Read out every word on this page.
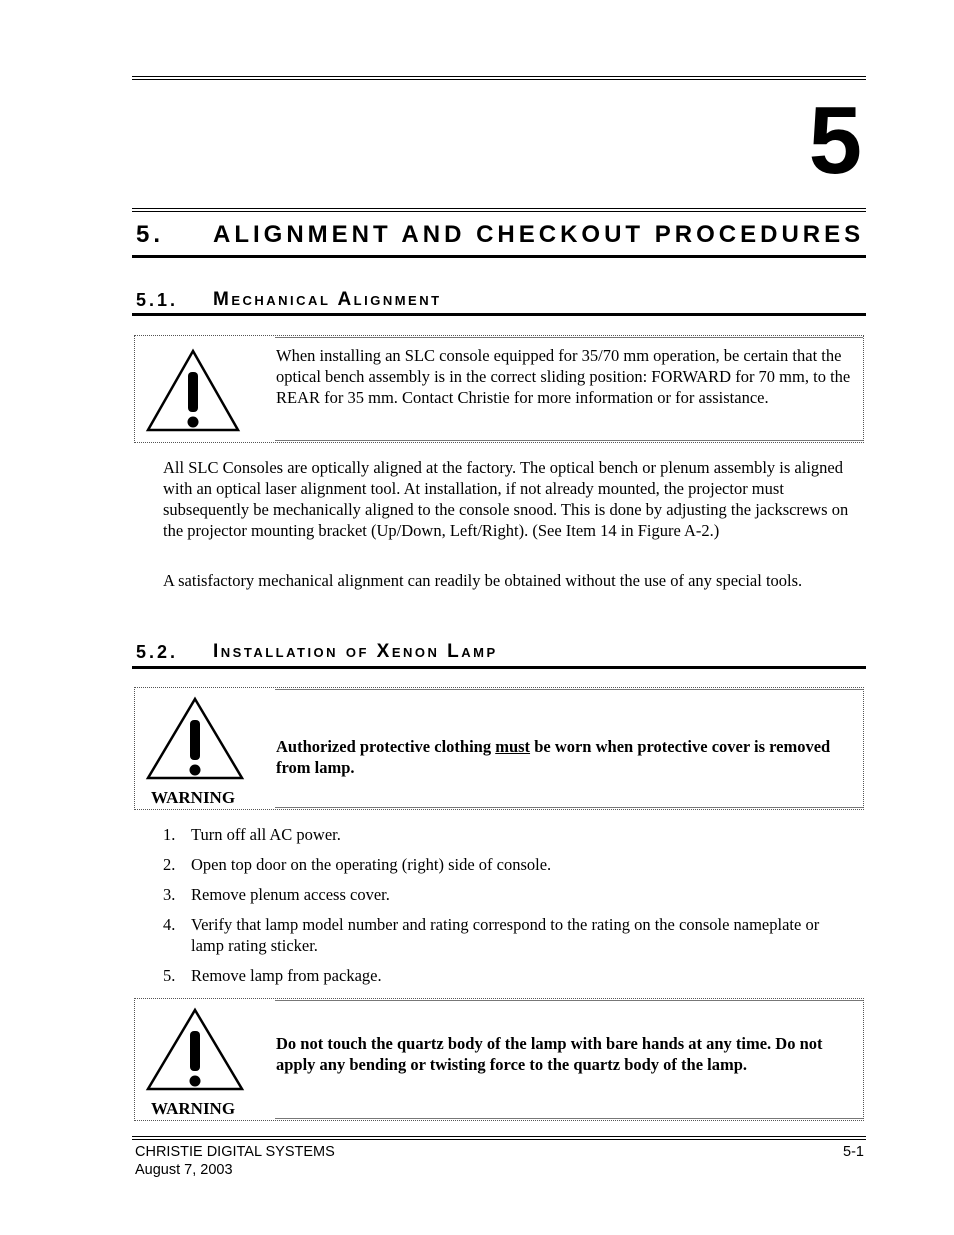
5
5. ALIGNMENT AND CHECKOUT PROCEDURES
5.1. Mechanical Alignment
When installing an SLC console equipped for 35/70 mm operation, be certain that the optical bench assembly is in the correct sliding position: FORWARD for 70 mm, to the REAR for 35 mm. Contact Christie for more information or for assistance.
All SLC Consoles are optically aligned at the factory. The optical bench or plenum assembly is aligned with an optical laser alignment tool. At installation, if not already mounted, the projector must subsequently be mechanically aligned to the console snood. This is done by adjusting the jackscrews on the projector mounting bracket (Up/Down, Left/Right). (See Item 14 in Figure A-2.)
A satisfactory mechanical alignment can readily be obtained without the use of any special tools.
5.2. Installation of Xenon Lamp
WARNING
Authorized protective clothing must be worn when protective cover is removed from lamp.
1. Turn off all AC power.
2. Open top door on the operating (right) side of console.
3. Remove plenum access cover.
4. Verify that lamp model number and rating correspond to the rating on the console nameplate or lamp rating sticker.
5. Remove lamp from package.
WARNING
Do not touch the quartz body of the lamp with bare hands at any time. Do not apply any bending or twisting force to the quartz body of the lamp.
CHRISTIE DIGITAL SYSTEMS
August 7, 2003
5-1
